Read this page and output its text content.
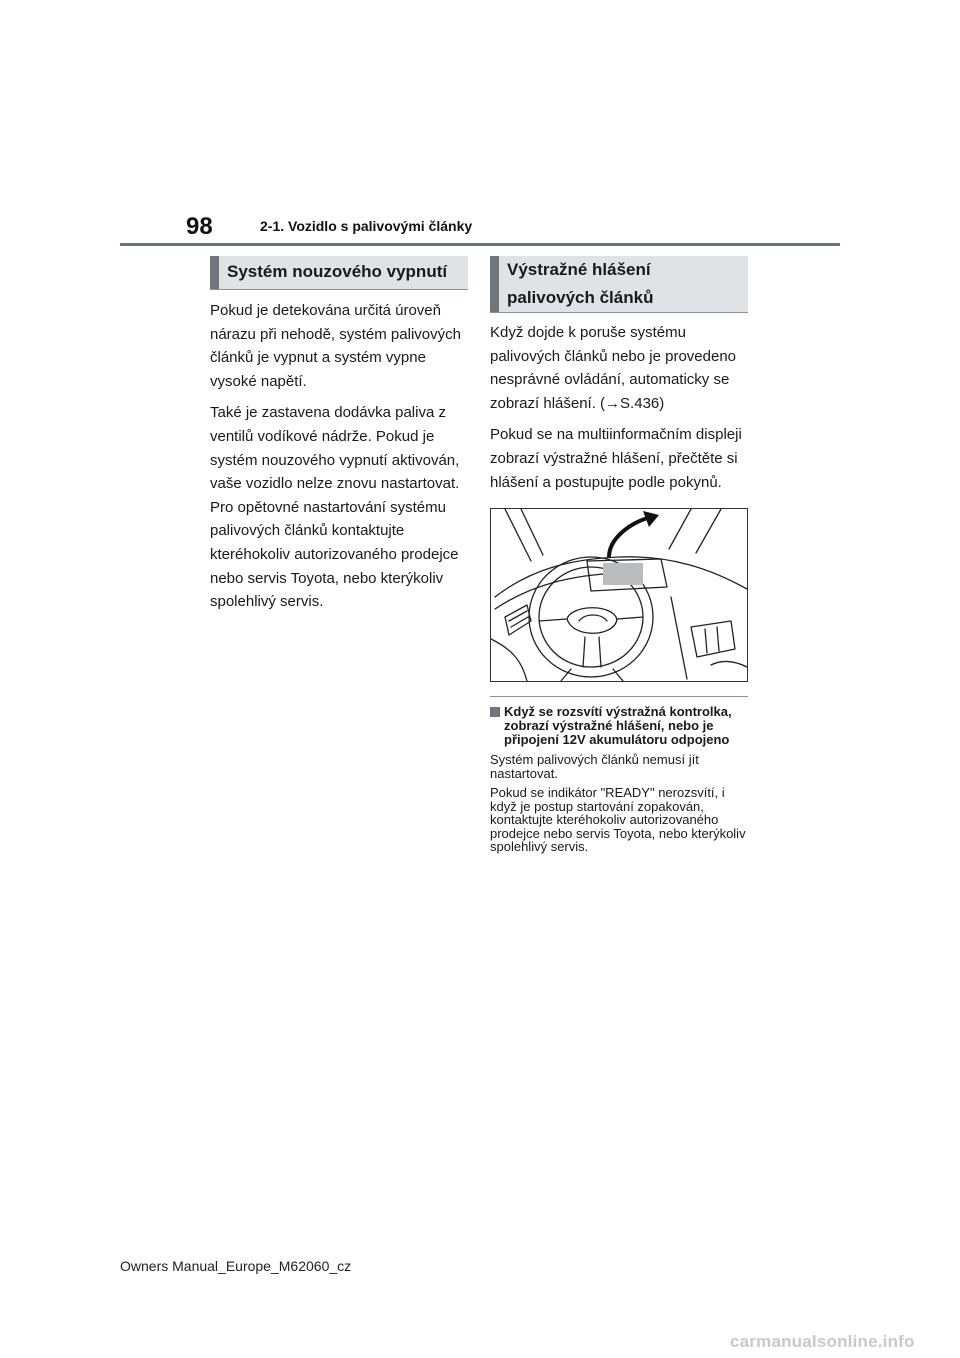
98	2-1. Vozidlo s palivovými články
Systém nouzového vypnutí

Pokud je detekována určitá úroveň nárazu při nehodě, systém palivových článků je vypnut a systém vypne vysoké napětí.

Také je zastavena dodávka paliva z ventilů vodíkové nádrže. Pokud je systém nouzového vypnutí aktivován, vaše vozidlo nelze znovu nastartovat. Pro opětovné nastartování systému palivových článků kontaktujte kteréhokoliv autorizovaného prodejce nebo servis Toyota, nebo kterýkoliv spolehlivý servis.

Výstražné hlášení palivových článků

Když dojde k poruše systému palivových článků nebo je provedeno nesprávné ovládání, automaticky se zobrazí hlášení. (→S.436)

Pokud se na multiinformačním displeji zobrazí výstražné hlášení, přečtěte si hlášení a postupujte podle pokynů.

Když se rozsvítí výstražná kontrolka, zobrazí výstražné hlášení, nebo je připojení 12V akumulátoru odpojeno

Systém palivových článků nemusí jít nastartovat.

Pokud se indikátor "READY" nerozsvítí, i když je postup startování zopakován, kontaktujte kteréhokoliv autorizovaného prodejce nebo servis Toyota, nebo kterýkoliv spolehlivý servis.

Owners Manual_Europe_M62060_cz
carmanualsonline.info
